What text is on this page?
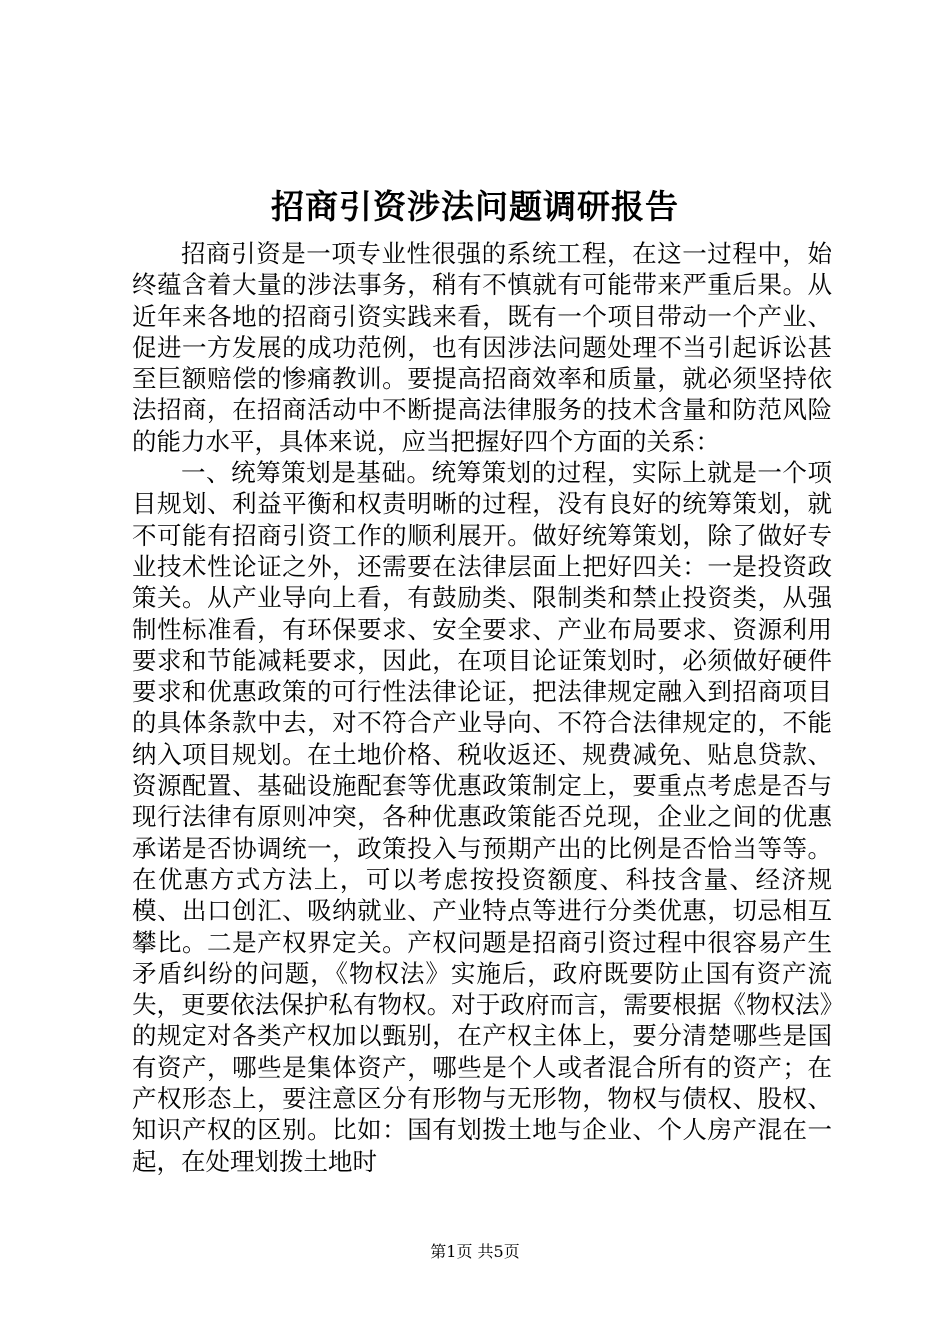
招商引资涉法问题调研报告

招商引资是一项专业性很强的系统工程，在这一过程中，始终蕴含着大量的涉法事务，稍有不慎就有可能带来严重后果。从近年来各地的招商引资实践来看，既有一个项目带动一个产业、促进一方发展的成功范例，也有因涉法问题处理不当引起诉讼甚至巨额赔偿的惨痛教训。要提高招商效率和质量，就必须坚持依法招商，在招商活动中不断提高法律服务的技术含量和防范风险的能力水平，具体来说，应当把握好四个方面的关系：

一、统筹策划是基础。统筹策划的过程，实际上就是一个项目规划、利益平衡和权责明晰的过程，没有良好的统筹策划，就不可能有招商引资工作的顺利展开。做好统筹策划，除了做好专业技术性论证之外，还需要在法律层面上把好四关：一是投资政策关。从产业导向上看，有鼓励类、限制类和禁止投资类，从强制性标准看，有环保要求、安全要求、产业布局要求、资源利用要求和节能减耗要求，因此，在项目论证策划时，必须做好硬件要求和优惠政策的可行性法律论证，把法律规定融入到招商项目的具体条款中去，对不符合产业导向、不符合法律规定的，不能纳入项目规划。在土地价格、税收返还、规费减免、贴息贷款、资源配置、基础设施配套等优惠政策制定上，要重点考虑是否与现行法律有原则冲突，各种优惠政策能否兑现，企业之间的优惠承诺是否协调统一，政策投入与预期产出的比例是否恰当等等。在优惠方式方法上，可以考虑按投资额度、科技含量、经济规模、出口创汇、吸纳就业、产业特点等进行分类优惠，切忌相互攀比。二是产权界定关。产权问题是招商引资过程中很容易产生矛盾纠纷的问题，《物权法》实施后，政府既要防止国有资产流失，更要依法保护私有物权。对于政府而言，需要根据《物权法》的规定对各类产权加以甄别，在产权主体上，要分清楚哪些是国有资产，哪些是集体资产，哪些是个人或者混合所有的资产；在产权形态上，要注意区分有形物与无形物，物权与债权、股权、知识产权的区别。比如：国有划拨土地与企业、个人房产混在一起，在处理划拨土地时

第1页 共5页
